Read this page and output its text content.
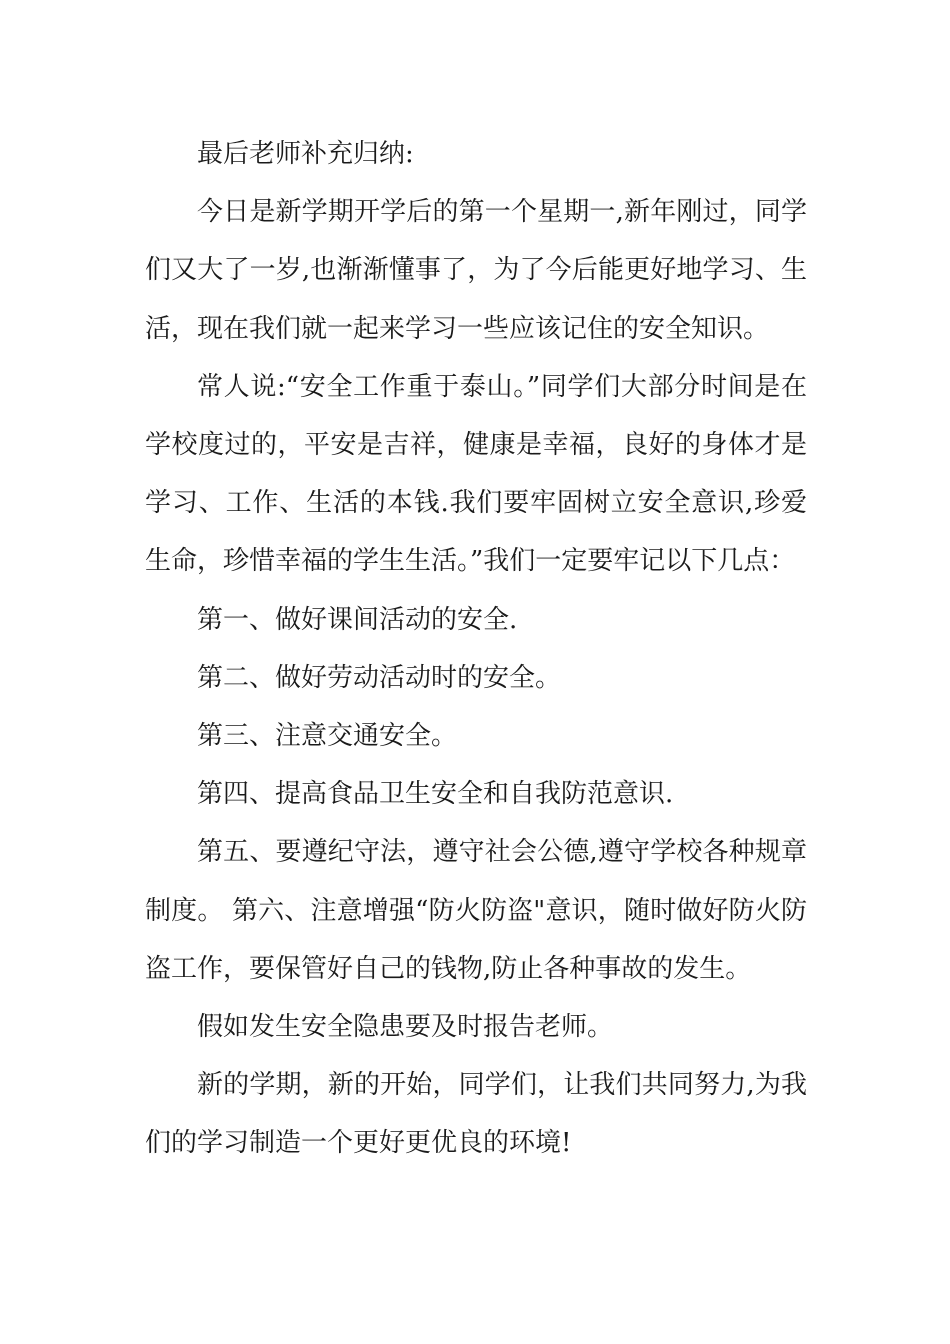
最后老师补充归纳:

今日是新学期开学后的第一个星期一,新年刚过，同学们又大了一岁,也渐渐懂事了，为了今后能更好地学习、生活，现在我们就一起来学习一些应该记住的安全知识。

常人说:“安全工作重于泰山。”同学们大部分时间是在学校度过的，平安是吉祥，健康是幸福，良好的身体才是学习、工作、生活的本钱.我们要牢固树立安全意识,珍爱生命，珍惜幸福的学生生活。”我们一定要牢记以下几点：

第一、做好课间活动的安全.

第二、做好劳动活动时的安全。

第三、注意交通安全。

第四、提高食品卫生安全和自我防范意识.

第五、要遵纪守法，遵守社会公德,遵守学校各种规章制度。 第六、注意增强“防火防盗"意识，随时做好防火防盗工作，要保管好自己的钱物,防止各种事故的发生。

假如发生安全隐患要及时报告老师。

新的学期，新的开始，同学们，让我们共同努力,为我们的学习制造一个更好更优良的环境!
